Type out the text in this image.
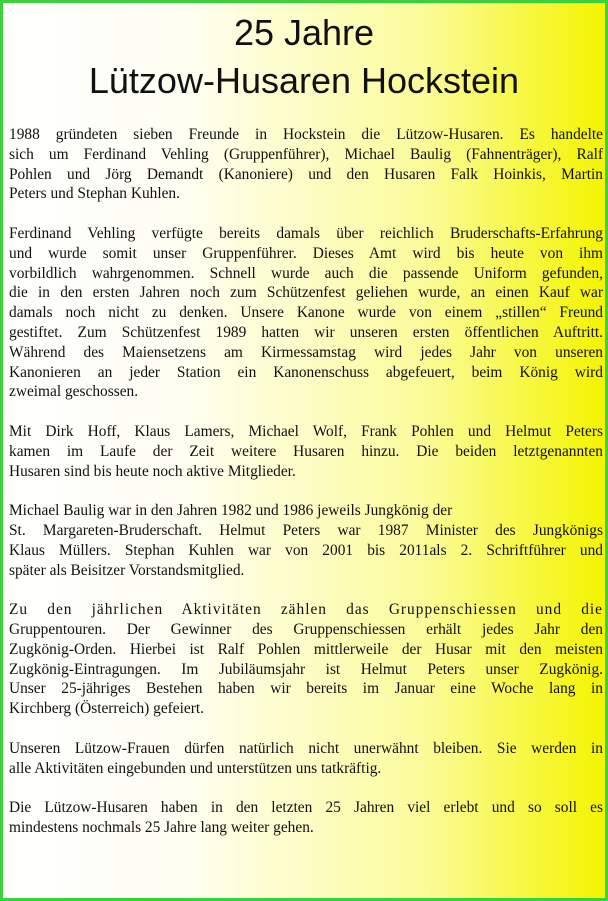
25 Jahre
Lützow-Husaren Hockstein

1988 gründeten sieben Freunde in Hockstein die Lützow-Husaren. Es handelte
sich um Ferdinand Vehling (Gruppenführer), Michael Baulig (Fahnenträger), Ralf
Pohlen und Jörg Demandt (Kanoniere) und den Husaren Falk Hoinkis, Martin
Peters und Stephan Kuhlen.

Ferdinand Vehling verfügte bereits damals über reichlich Bruderschafts-Erfahrung
und wurde somit unser Gruppenführer. Dieses Amt wird bis heute von ihm
vorbildlich wahrgenommen. Schnell wurde auch die passende Uniform gefunden,
die in den ersten Jahren noch zum Schützenfest geliehen wurde, an einen Kauf war
damals noch nicht zu denken. Unsere Kanone wurde von einem „stillen“ Freund
gestiftet. Zum Schützenfest 1989 hatten wir unseren ersten öffentlichen Auftritt.
Während des Maiensetzens am Kirmessamstag wird jedes Jahr von unseren
Kanonieren an jeder Station ein Kanonenschuss abgefeuert, beim König wird
zweimal geschossen.

Mit Dirk Hoff, Klaus Lamers, Michael Wolf, Frank Pohlen und Helmut Peters
kamen im Laufe der Zeit weitere Husaren hinzu. Die beiden letztgenannten
Husaren sind bis heute noch aktive Mitglieder.

Michael Baulig war in den Jahren 1982 und 1986 jeweils Jungkönig der
St. Margareten-Bruderschaft. Helmut Peters war 1987 Minister des Jungkönigs
Klaus Müllers. Stephan Kuhlen war von 2001 bis 2011als 2. Schriftführer und
später als Beisitzer Vorstandsmitglied.

Zu den jährlichen Aktivitäten zählen das Gruppenschiessen und die
Gruppentouren. Der Gewinner des Gruppenschiessen erhält jedes Jahr den
Zugkönig-Orden. Hierbei ist Ralf Pohlen mittlerweile der Husar mit den meisten
Zugkönig-Eintragungen. Im Jubiläumsjahr ist Helmut Peters unser Zugkönig.
Unser 25-jähriges Bestehen haben wir bereits im Januar eine Woche lang in
Kirchberg (Österreich) gefeiert.

Unseren Lützow-Frauen dürfen natürlich nicht unerwähnt bleiben. Sie werden in
alle Aktivitäten eingebunden und unterstützen uns tatkräftig.

Die Lützow-Husaren haben in den letzten 25 Jahren viel erlebt und so soll es
mindestens nochmals 25 Jahre lang weiter gehen.
